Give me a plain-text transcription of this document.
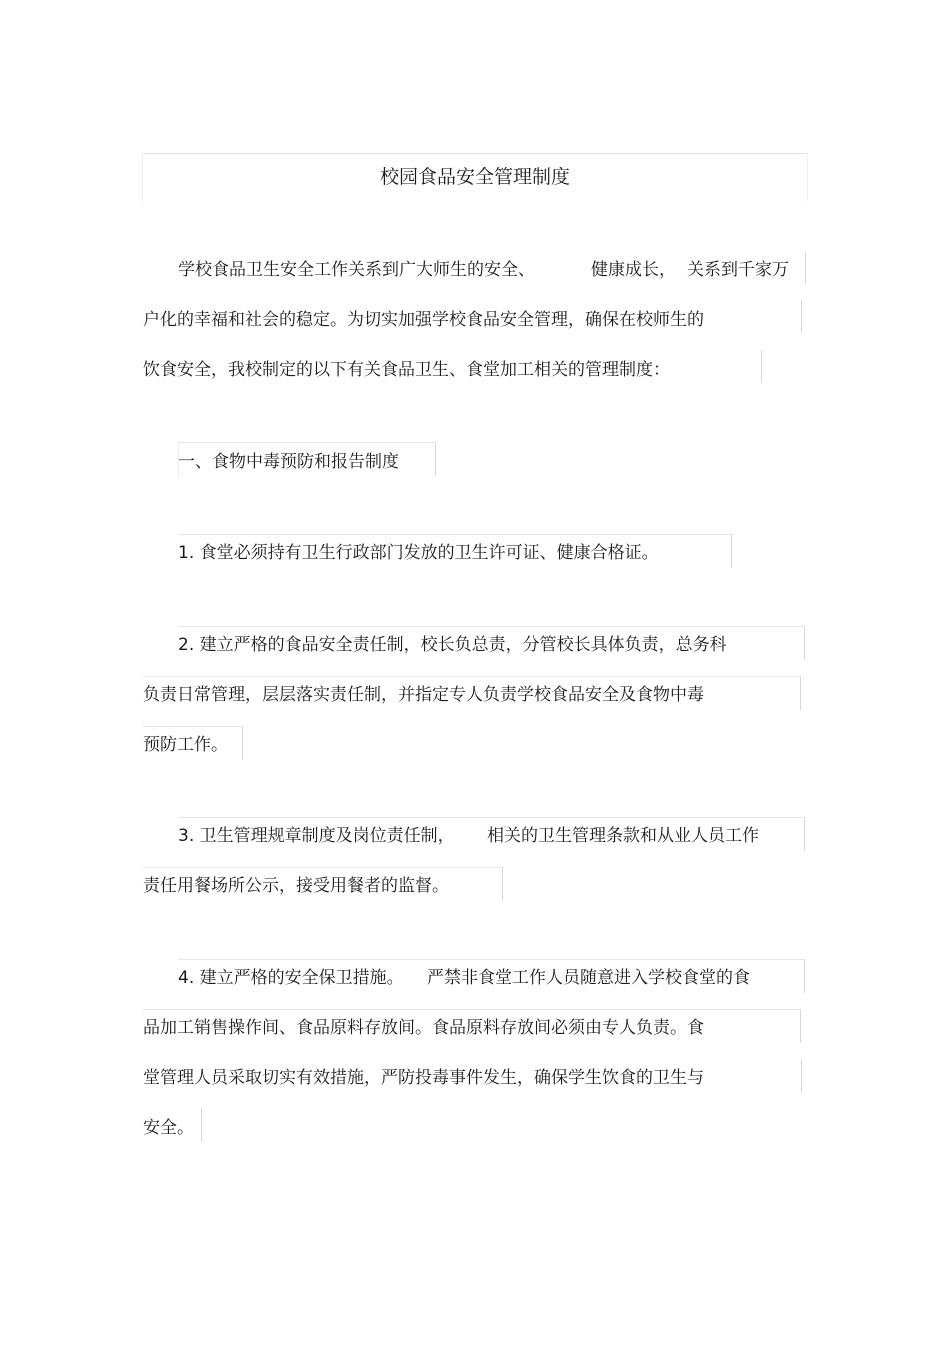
校园食品安全管理制度
学校食品卫生安全工作关系到广大师生的安全、	健康成长， 关系到千家万
户化的幸福和社会的稳定。为切实加强学校食品安全管理，确保在校师生的
饮食安全，我校制定的以下有关食品卫生、食堂加工相关的管理制度：
一、食物中毒预防和报告制度
1. 食堂必须持有卫生行政部门发放的卫生许可证、健康合格证。
2. 建立严格的食品安全责任制，校长负总责，分管校长具体负责，总务科
负责日常管理，层层落实责任制，并指定专人负责学校食品安全及食物中毒
预防工作。
3. 卫生管理规章制度及岗位责任制， 相关的卫生管理条款和从业人员工作
责任用餐场所公示，接受用餐者的监督。
4. 建立严格的安全保卫措施。 严禁非食堂工作人员随意进入学校食堂的食
品加工销售操作间、食品原料存放间。食品原料存放间必须由专人负责。食
堂管理人员采取切实有效措施，严防投毒事件发生，确保学生饮食的卫生与
安全。
